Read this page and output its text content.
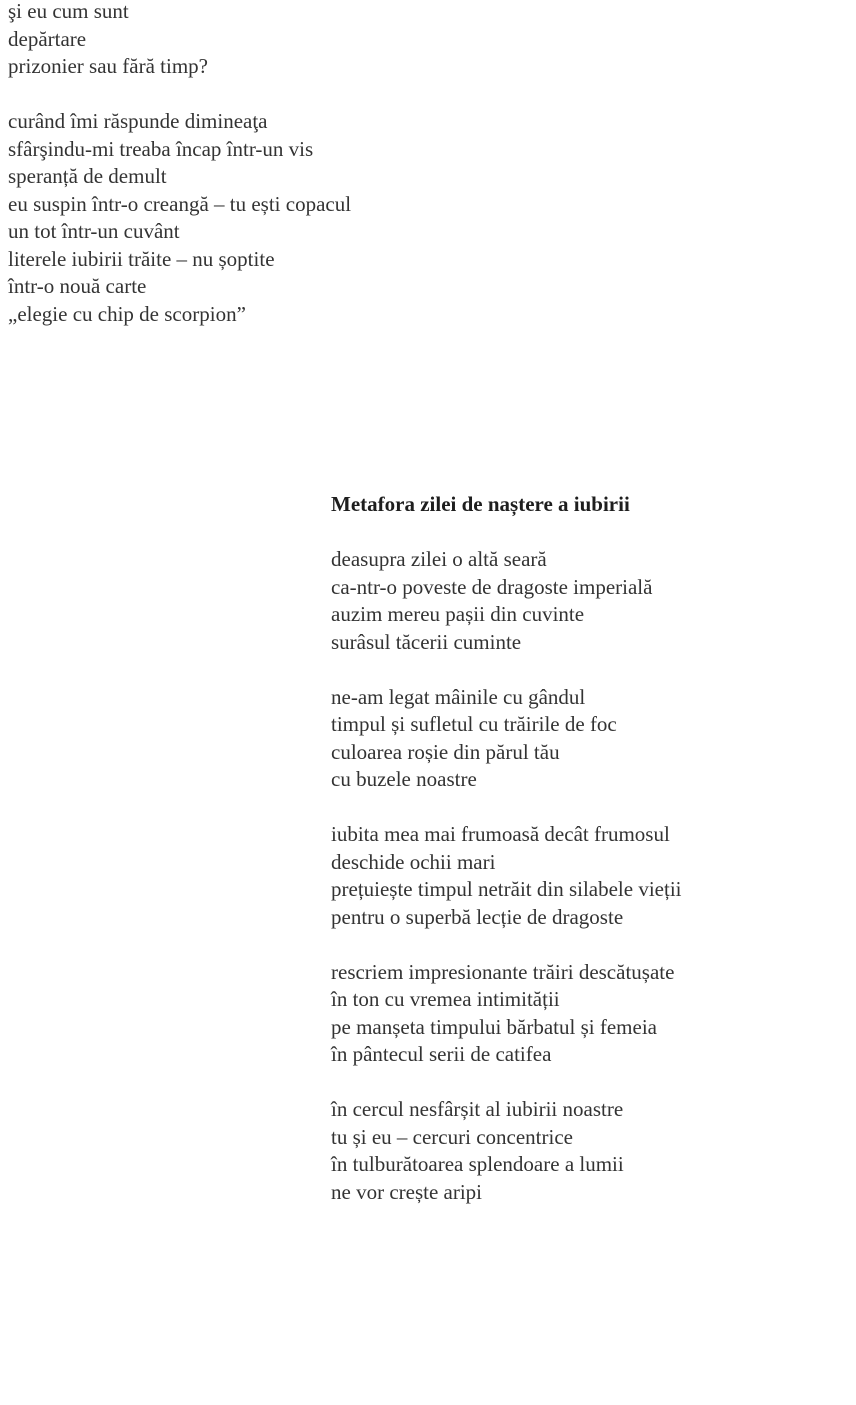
şi eu cum sunt
depărtare
prizonier sau fără timp?
curând îmi răspunde dimineaţa
sfârşindu-mi treaba încap într-un vis
speranță de demult
eu suspin într-o creangă – tu ești copacul
un tot într-un cuvânt
literele iubirii trăite – nu șoptite
într-o nouă carte
„elegie cu chip de scorpion”
Metafora zilei de naștere a iubirii
deasupra zilei o altă seară
ca-ntr-o poveste de dragoste imperială
auzim mereu pașii din cuvinte
surâsul tăcerii cuminte
ne-am legat mâinile cu gândul
timpul și sufletul cu trăirile de foc
culoarea roșie din părul tău
cu buzele noastre
iubita mea mai frumoasă decât frumosul
deschide ochii mari
prețuiește timpul netrăit din silabele vieții
pentru o superbă lecție de dragoste
rescriem impresionante trăiri descătușate
în ton cu vremea intimității
pe manșeta timpului bărbatul și femeia
în pântecul serii de catifea
în cercul nesfârșit al iubirii noastre
tu și eu – cercuri concentrice
în tulburătoarea splendoare a lumii
ne vor crește aripi
